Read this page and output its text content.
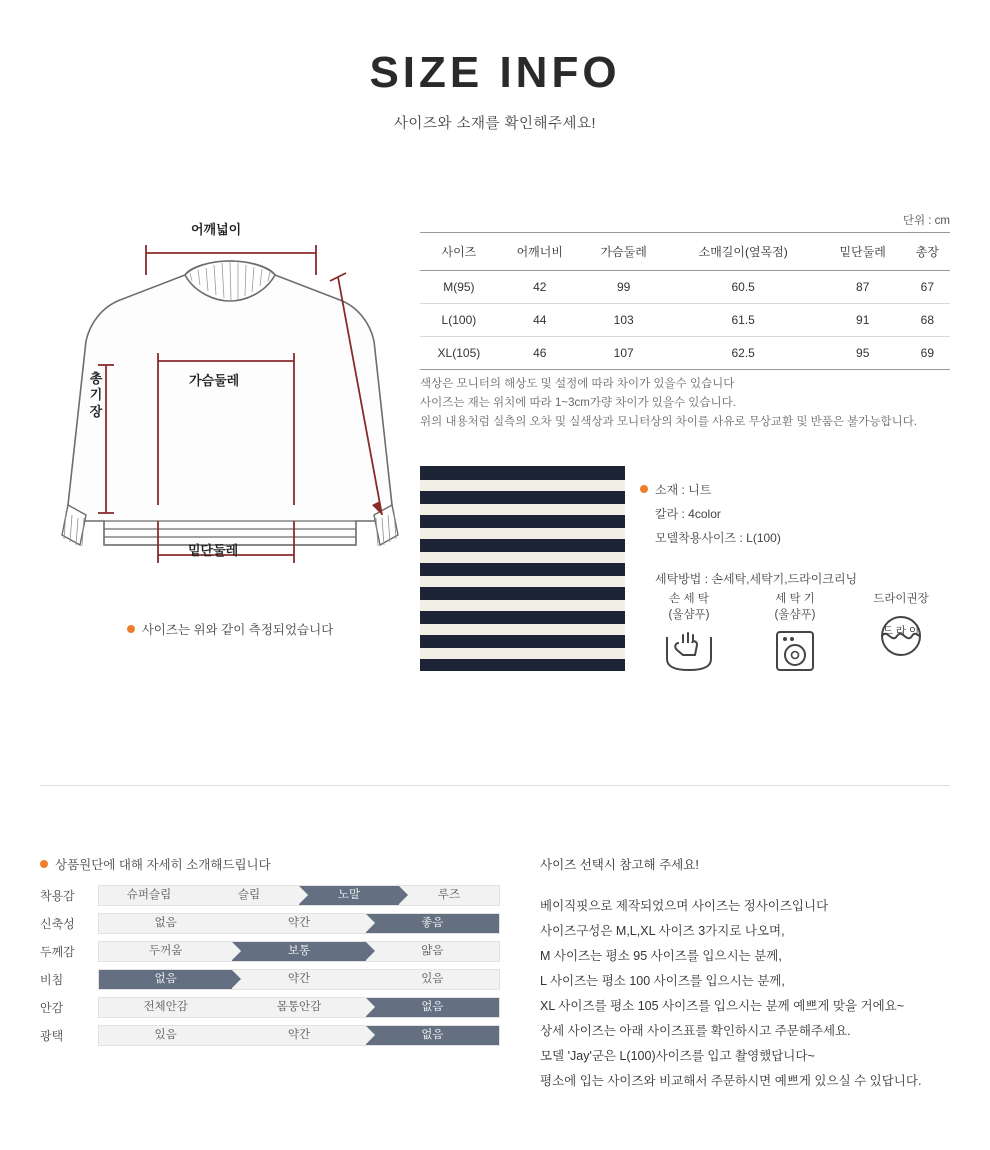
SIZE INFO
사이즈와 소재를 확인해주세요!
어깨넓이
가슴둘레
밑단둘레
총기장
사이즈는 위와 같이 측정되었습니다
단위 : cm
사이즈	어깨너비	가슴둘레	소매길이(옆목점)	밑단둘레	총장
M(95)	42	99	60.5	87	67
L(100)	44	103	61.5	91	68
XL(105)	46	107	62.5	95	69
색상은 모니터의 해상도 및 설정에 따라 차이가 있을수 있습니다
사이즈는 재는 위치에 따라 1~3cm가량 차이가 있을수 있습니다.
위의 내용처럼 실측의 오차 및 실색상과 모니터상의 차이를 사유로 무상교환 및 반품은 불가능합니다.
소재 : 니트
칼라 : 4color
모델착용사이즈 : L(100)
세탁방법 : 손세탁,세탁기,드라이크리닝
손 세 탁
(울샴푸)
세 탁 기
(울샴푸)
드라이권장
드 라 이
상품원단에 대해 자세히 소개해드립니다
착용감	슈퍼슬림	슬림	노말	루즈
신축성	없음	약간	좋음
두께감	두꺼움	보통	얇음
비침	없음	약간	있음
안감	전체안감	몸통안감	없음
광택	있음	약간	없음
사이즈 선택시 참고해 주세요!
베이직핏으로 제작되었으며 사이즈는 정사이즈입니다
사이즈구성은 M,L,XL 사이즈 3가지로 나오며,
M 사이즈는 평소 95 사이즈를 입으시는 분께,
L 사이즈는 평소 100 사이즈를 입으시는 분께,
XL 사이즈를 평소 105 사이즈를 입으시는 분께 예쁘게 맞을 거에요~
상세 사이즈는 아래 사이즈표를 확인하시고 주문해주세요.
모델 'Jay'군은 L(100)사이즈를 입고 촬영했답니다~
평소에 입는 사이즈와 비교해서 주문하시면 예쁘게 있으실 수 있답니다.
